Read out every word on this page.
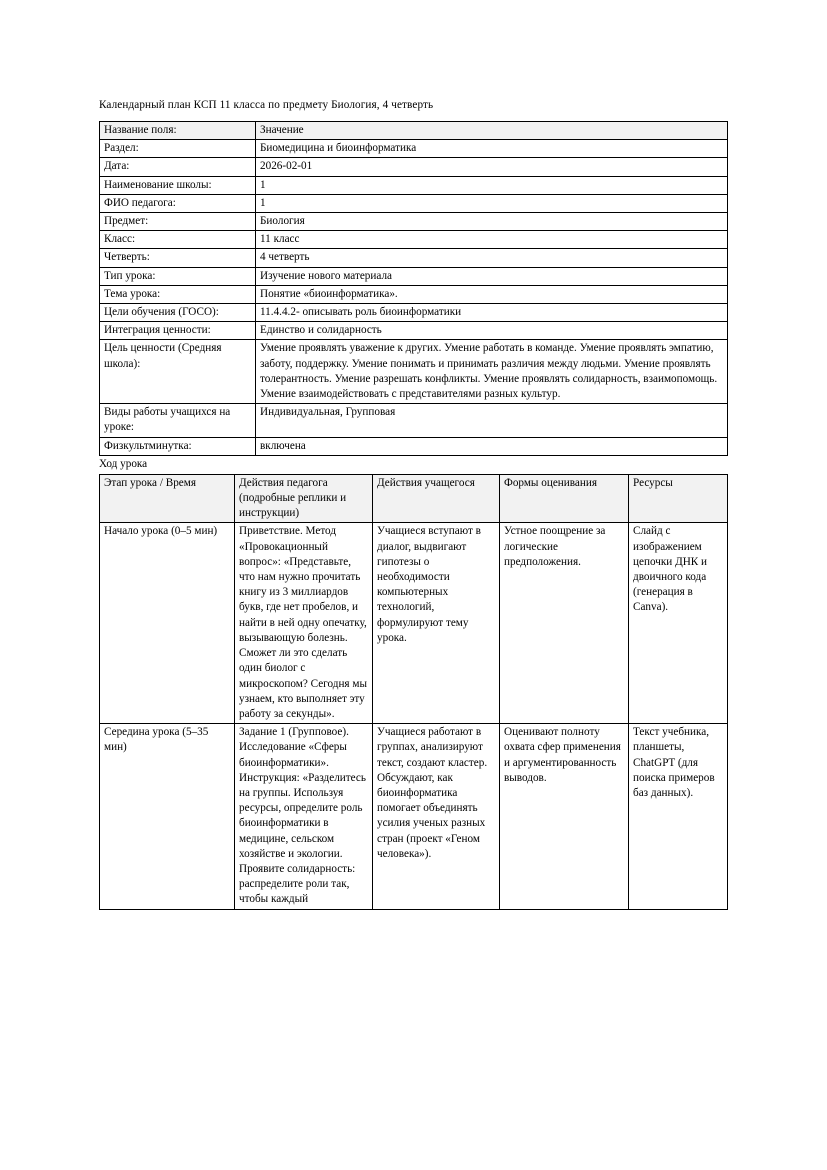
Календарный план КСП 11 класса по предмету Биология, 4 четверть
Название поля:	Значение
Раздел:	Биомедицина и биоинформатика
Дата:	2026-02-01
Наименование школы:	1
ФИО педагога:	1
Предмет:	Биология
Класс:	11 класс
Четверть:	4 четверть
Тип урока:	Изучение нового материала
Тема урока:	Понятие «биоинформатика».
Цели обучения (ГОСО):	11.4.4.2- описывать роль биоинформатики
Интеграция ценности:	Единство и солидарность
Цель ценности (Средняя школа):	Умение проявлять уважение к других. Умение работать в команде. Умение проявлять эмпатию, заботу, поддержку. Умение понимать и принимать различия между людьми. Умение проявлять толерантность. Умение разрешать конфликты. Умение проявлять солидарность, взаимопомощь. Умение взаимодействовать с представителями разных культур.
Виды работы учащихся на уроке:	Индивидуальная, Групповая
Физкультминутка:	включена
Ход урока
Этап урока / Время	Действия педагога (подробные реплики и инструкции)	Действия учащегося	Формы оценивания	Ресурсы
Начало урока (0–5 мин)	Приветствие. Метод «Провокационный вопрос»: «Представьте, что нам нужно прочитать книгу из 3 миллиардов букв, где нет пробелов, и найти в ней одну опечатку, вызывающую болезнь. Сможет ли это сделать один биолог с микроскопом? Сегодня мы узнаем, кто выполняет эту работу за секунды».	Учащиеся вступают в диалог, выдвигают гипотезы о необходимости компьютерных технологий, формулируют тему урока.	Устное поощрение за логические предположения.	Слайд с изображением цепочки ДНК и двоичного кода (генерация в Canva).
Середина урока (5–35 мин)	Задание 1 (Групповое). Исследование «Сферы биоинформатики». Инструкция: «Разделитесь на группы. Используя ресурсы, определите роль биоинформатики в медицине, сельском хозяйстве и экологии. Проявите солидарность: распределите роли так, чтобы каждый	Учащиеся работают в группах, анализируют текст, создают кластер. Обсуждают, как биоинформатика помогает объединять усилия ученых разных стран (проект «Геном человека»).	Оценивают полноту охвата сфер применения и аргументированность выводов.	Текст учебника, планшеты, ChatGPT (для поиска примеров баз данных).
